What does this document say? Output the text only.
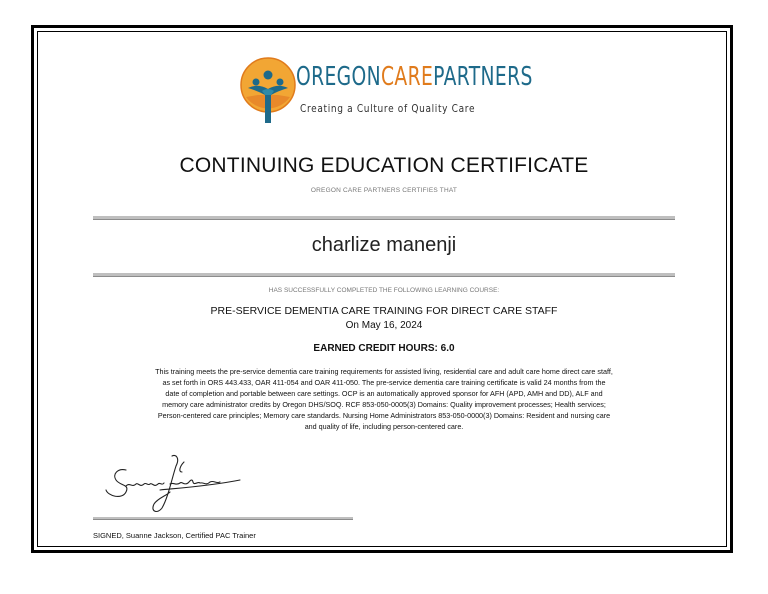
OREGONCAREPARTNERS
Creating a Culture of Quality Care
CONTINUING EDUCATION CERTIFICATE
OREGON CARE PARTNERS CERTIFIES THAT
charlize manenji
HAS SUCCESSFULLY COMPLETED THE FOLLOWING LEARNING COURSE:
PRE-SERVICE DEMENTIA CARE TRAINING FOR DIRECT CARE STAFF
On May 16, 2024
EARNED CREDIT HOURS: 6.0
This training meets the pre-service dementia care training requirements for assisted living, residential care and adult care home direct care staff,
as set forth in ORS 443.433, OAR 411-054 and OAR 411-050. The pre-service dementia care training certificate is valid 24 months from the
date of completion and portable between care settings. OCP is an automatically approved sponsor for AFH (APD, AMH and DD), ALF and
memory care administrator credits by Oregon DHS/SOQ. RCF 853-050-0005(3) Domains: Quality improvement processes; Health services;
Person-centered care principles; Memory care standards. Nursing Home Administrators 853-050-0000(3) Domains: Resident and nursing care
and quality of life, including person-centered care.
SIGNED, Suanne Jackson, Certified PAC Trainer
